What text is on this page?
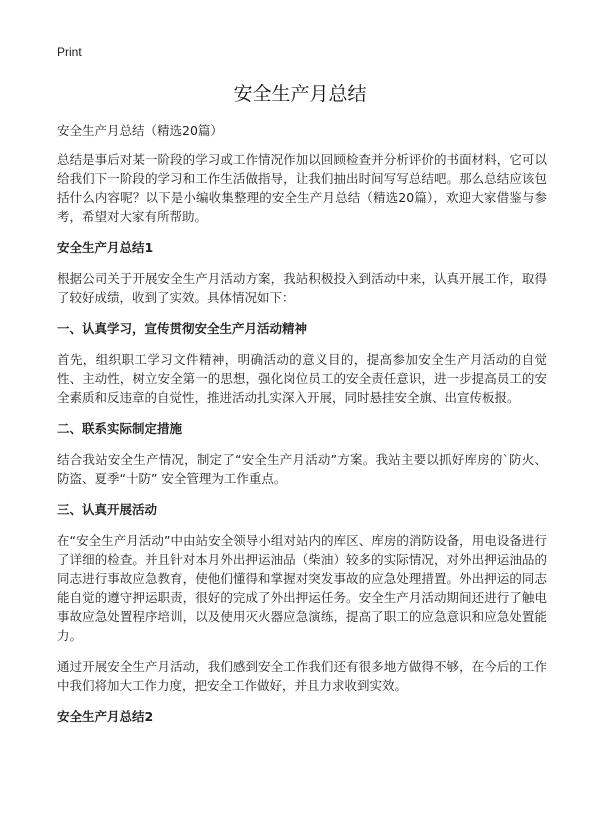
Print
安全生产月总结

安全生产月总结（精选20篇）

总结是事后对某一阶段的学习或工作情况作加以回顾检查并分析评价的书面材料，它可以给我们下一阶段的学习和工作生活做指导，让我们抽出时间写写总结吧。那么总结应该包括什么内容呢？以下是小编收集整理的安全生产月总结（精选20篇），欢迎大家借鉴与参考，希望对大家有所帮助。

安全生产月总结1

根据公司关于开展安全生产月活动方案，我站积极投入到活动中来，认真开展工作，取得了较好成绩，收到了实效。具体情况如下：

一、认真学习，宣传贯彻安全生产月活动精神

首先，组织职工学习文件精神，明确活动的意义目的，提高参加安全生产月活动的自觉性、主动性，树立安全第一的思想，强化岗位员工的安全责任意识，进一步提高员工的安全素质和反违章的自觉性，推进活动扎实深入开展，同时悬挂安全旗、出宣传板报。

二、联系实际制定措施

结合我站安全生产情况，制定了“安全生产月活动”方案。我站主要以抓好库房的`防火、防盗、夏季“十防” 安全管理为工作重点。

三、认真开展活动

在“安全生产月活动”中由站安全领导小组对站内的库区、库房的消防设备，用电设备进行了详细的检查。并且针对本月外出押运油品（柴油）较多的实际情况，对外出押运油品的同志进行事故应急教育，使他们懂得和掌握对突发事故的应急处理措置。外出押运的同志能自觉的遵守押运职责，很好的完成了外出押运任务。安全生产月活动期间还进行了触电事故应急处置程序培训，以及使用灭火器应急演练，提高了职工的应急意识和应急处置能力。

通过开展安全生产月活动，我们感到安全工作我们还有很多地方做得不够，在今后的工作中我们将加大工作力度，把安全工作做好，并且力求收到实效。

安全生产月总结2
